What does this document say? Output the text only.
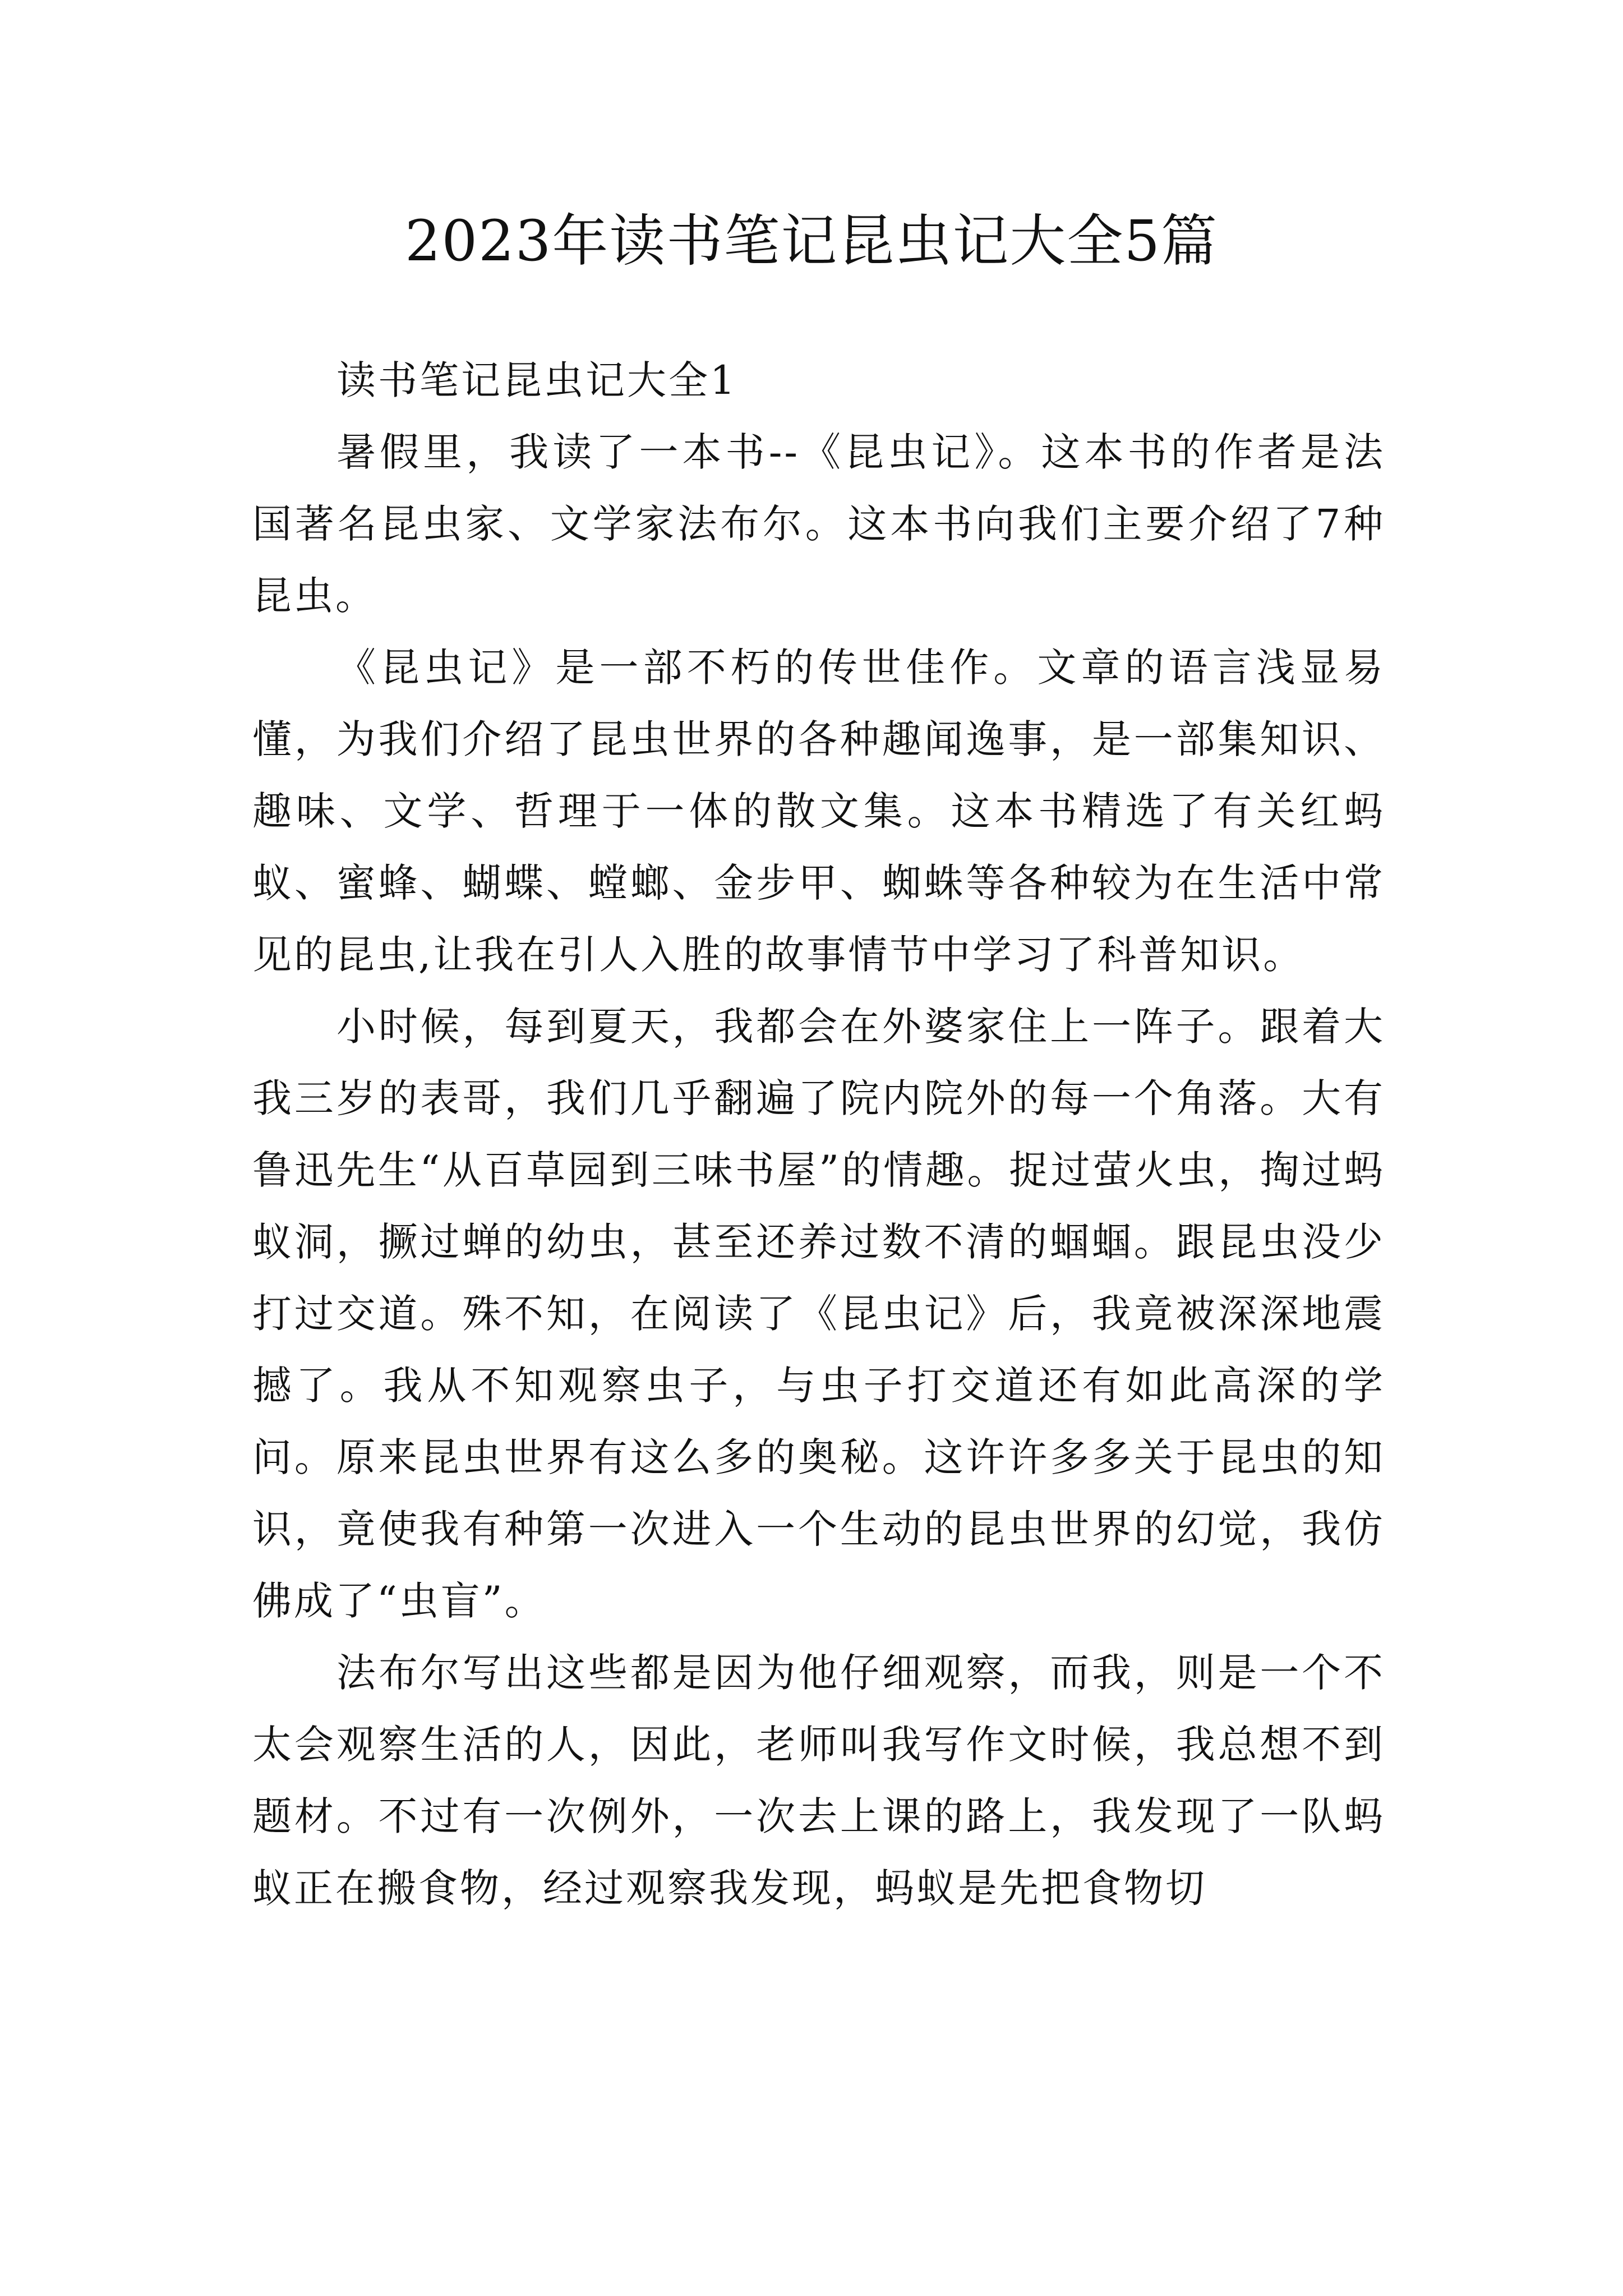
2023年读书笔记昆虫记大全5篇

读书笔记昆虫记大全1

暑假里，我读了一本书--《昆虫记》。这本书的作者是法国著名昆虫家、文学家法布尔。这本书向我们主要介绍了7种昆虫。

《昆虫记》是一部不朽的传世佳作。文章的语言浅显易懂，为我们介绍了昆虫世界的各种趣闻逸事，是一部集知识、趣味、文学、哲理于一体的散文集。这本书精选了有关红蚂蚁、蜜蜂、蝴蝶、螳螂、金步甲、蜘蛛等各种较为在生活中常见的昆虫,让我在引人入胜的故事情节中学习了科普知识。

小时候，每到夏天，我都会在外婆家住上一阵子。跟着大我三岁的表哥，我们几乎翻遍了院内院外的每一个角落。大有鲁迅先生“从百草园到三味书屋”的情趣。捉过萤火虫，掏过蚂蚁洞，撅过蝉的幼虫，甚至还养过数不清的蝈蝈。跟昆虫没少打过交道。殊不知，在阅读了《昆虫记》后，我竟被深深地震撼了。我从不知观察虫子，与虫子打交道还有如此高深的学问。原来昆虫世界有这么多的奥秘。这许许多多关于昆虫的知识，竟使我有种第一次进入一个生动的昆虫世界的幻觉，我仿佛成了“虫盲”。

法布尔写出这些都是因为他仔细观察，而我，则是一个不太会观察生活的人，因此，老师叫我写作文时候，我总想不到题材。不过有一次例外，一次去上课的路上，我发现了一队蚂蚁正在搬食物，经过观察我发现，蚂蚁是先把食物切
